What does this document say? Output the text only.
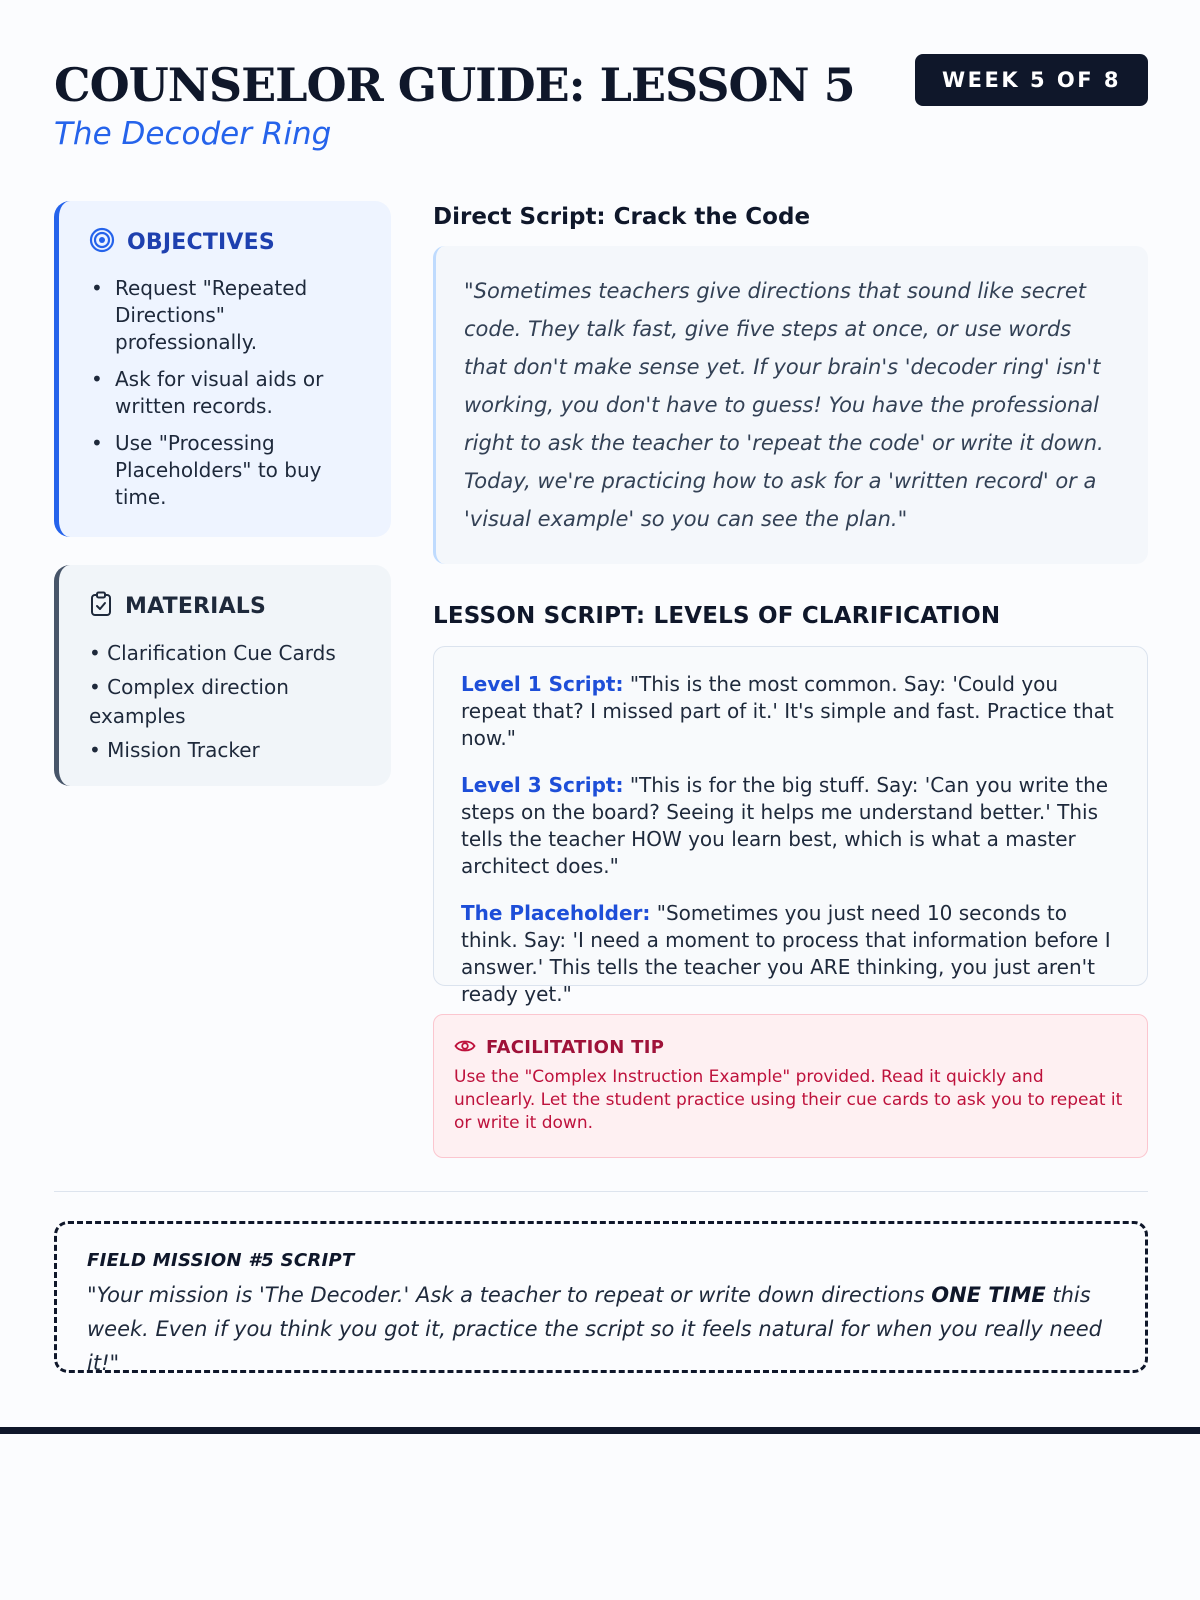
COUNSELOR GUIDE: LESSON 5
The Decoder Ring
WEEK 5 OF 8
OBJECTIVES
• Request "Repeated Directions" professionally.
• Ask for visual aids or written records.
• Use "Processing Placeholders" to buy time.
MATERIALS
• Clarification Cue Cards
• Complex direction examples
• Mission Tracker
Direct Script: Crack the Code

"Sometimes teachers give directions that sound like secret code. They talk fast, give five steps at once, or use words that don't make sense yet. If your brain's 'decoder ring' isn't working, you don't have to guess! You have the professional right to ask the teacher to 'repeat the code' or write it down. Today, we're practicing how to ask for a 'written record' or a 'visual example' so you can see the plan."

LESSON SCRIPT: LEVELS OF CLARIFICATION

Level 1 Script: "This is the most common. Say: 'Could you repeat that? I missed part of it.' It's simple and fast. Practice that now."

Level 3 Script: "This is for the big stuff. Say: 'Can you write the steps on the board? Seeing it helps me understand better.' This tells the teacher HOW you learn best, which is what a master architect does."

The Placeholder: "Sometimes you just need 10 seconds to think. Say: 'I need a moment to process that information before I answer.' This tells the teacher you ARE thinking, you just aren't ready yet."

FACILITATION TIP

Use the "Complex Instruction Example" provided. Read it quickly and unclearly. Let the student practice using their cue cards to ask you to repeat it or write it down.

FIELD MISSION #5 SCRIPT

"Your mission is 'The Decoder.' Ask a teacher to repeat or write down directions ONE TIME this week. Even if you think you got it, practice the script so it feels natural for when you really need it!"
